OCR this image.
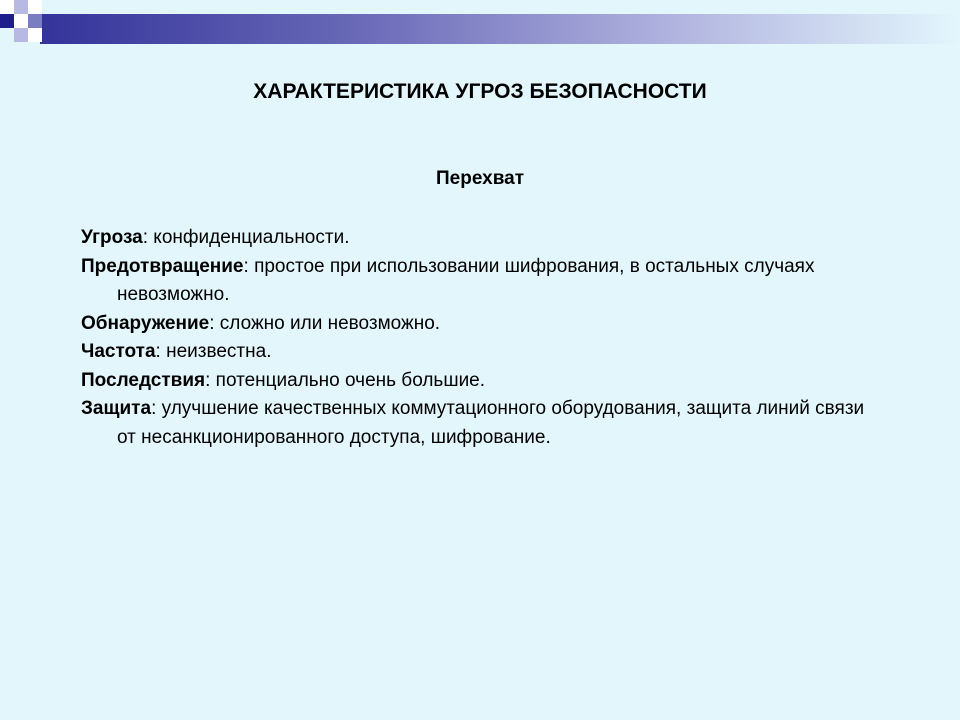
ХАРАКТЕРИСТИКА УГРОЗ БЕЗОПАСНОСТИ
Перехват

Угроза: конфиденциальности.

Предотвращение: простое при использовании шифрования, в остальных случаях невозможно.

Обнаружение: сложно или невозможно.

Частота: неизвестна.

Последствия: потенциально очень большие.

Защита: улучшение качественных коммутационного оборудования, защита линий связи от несанкционированного доступа, шифрование.
